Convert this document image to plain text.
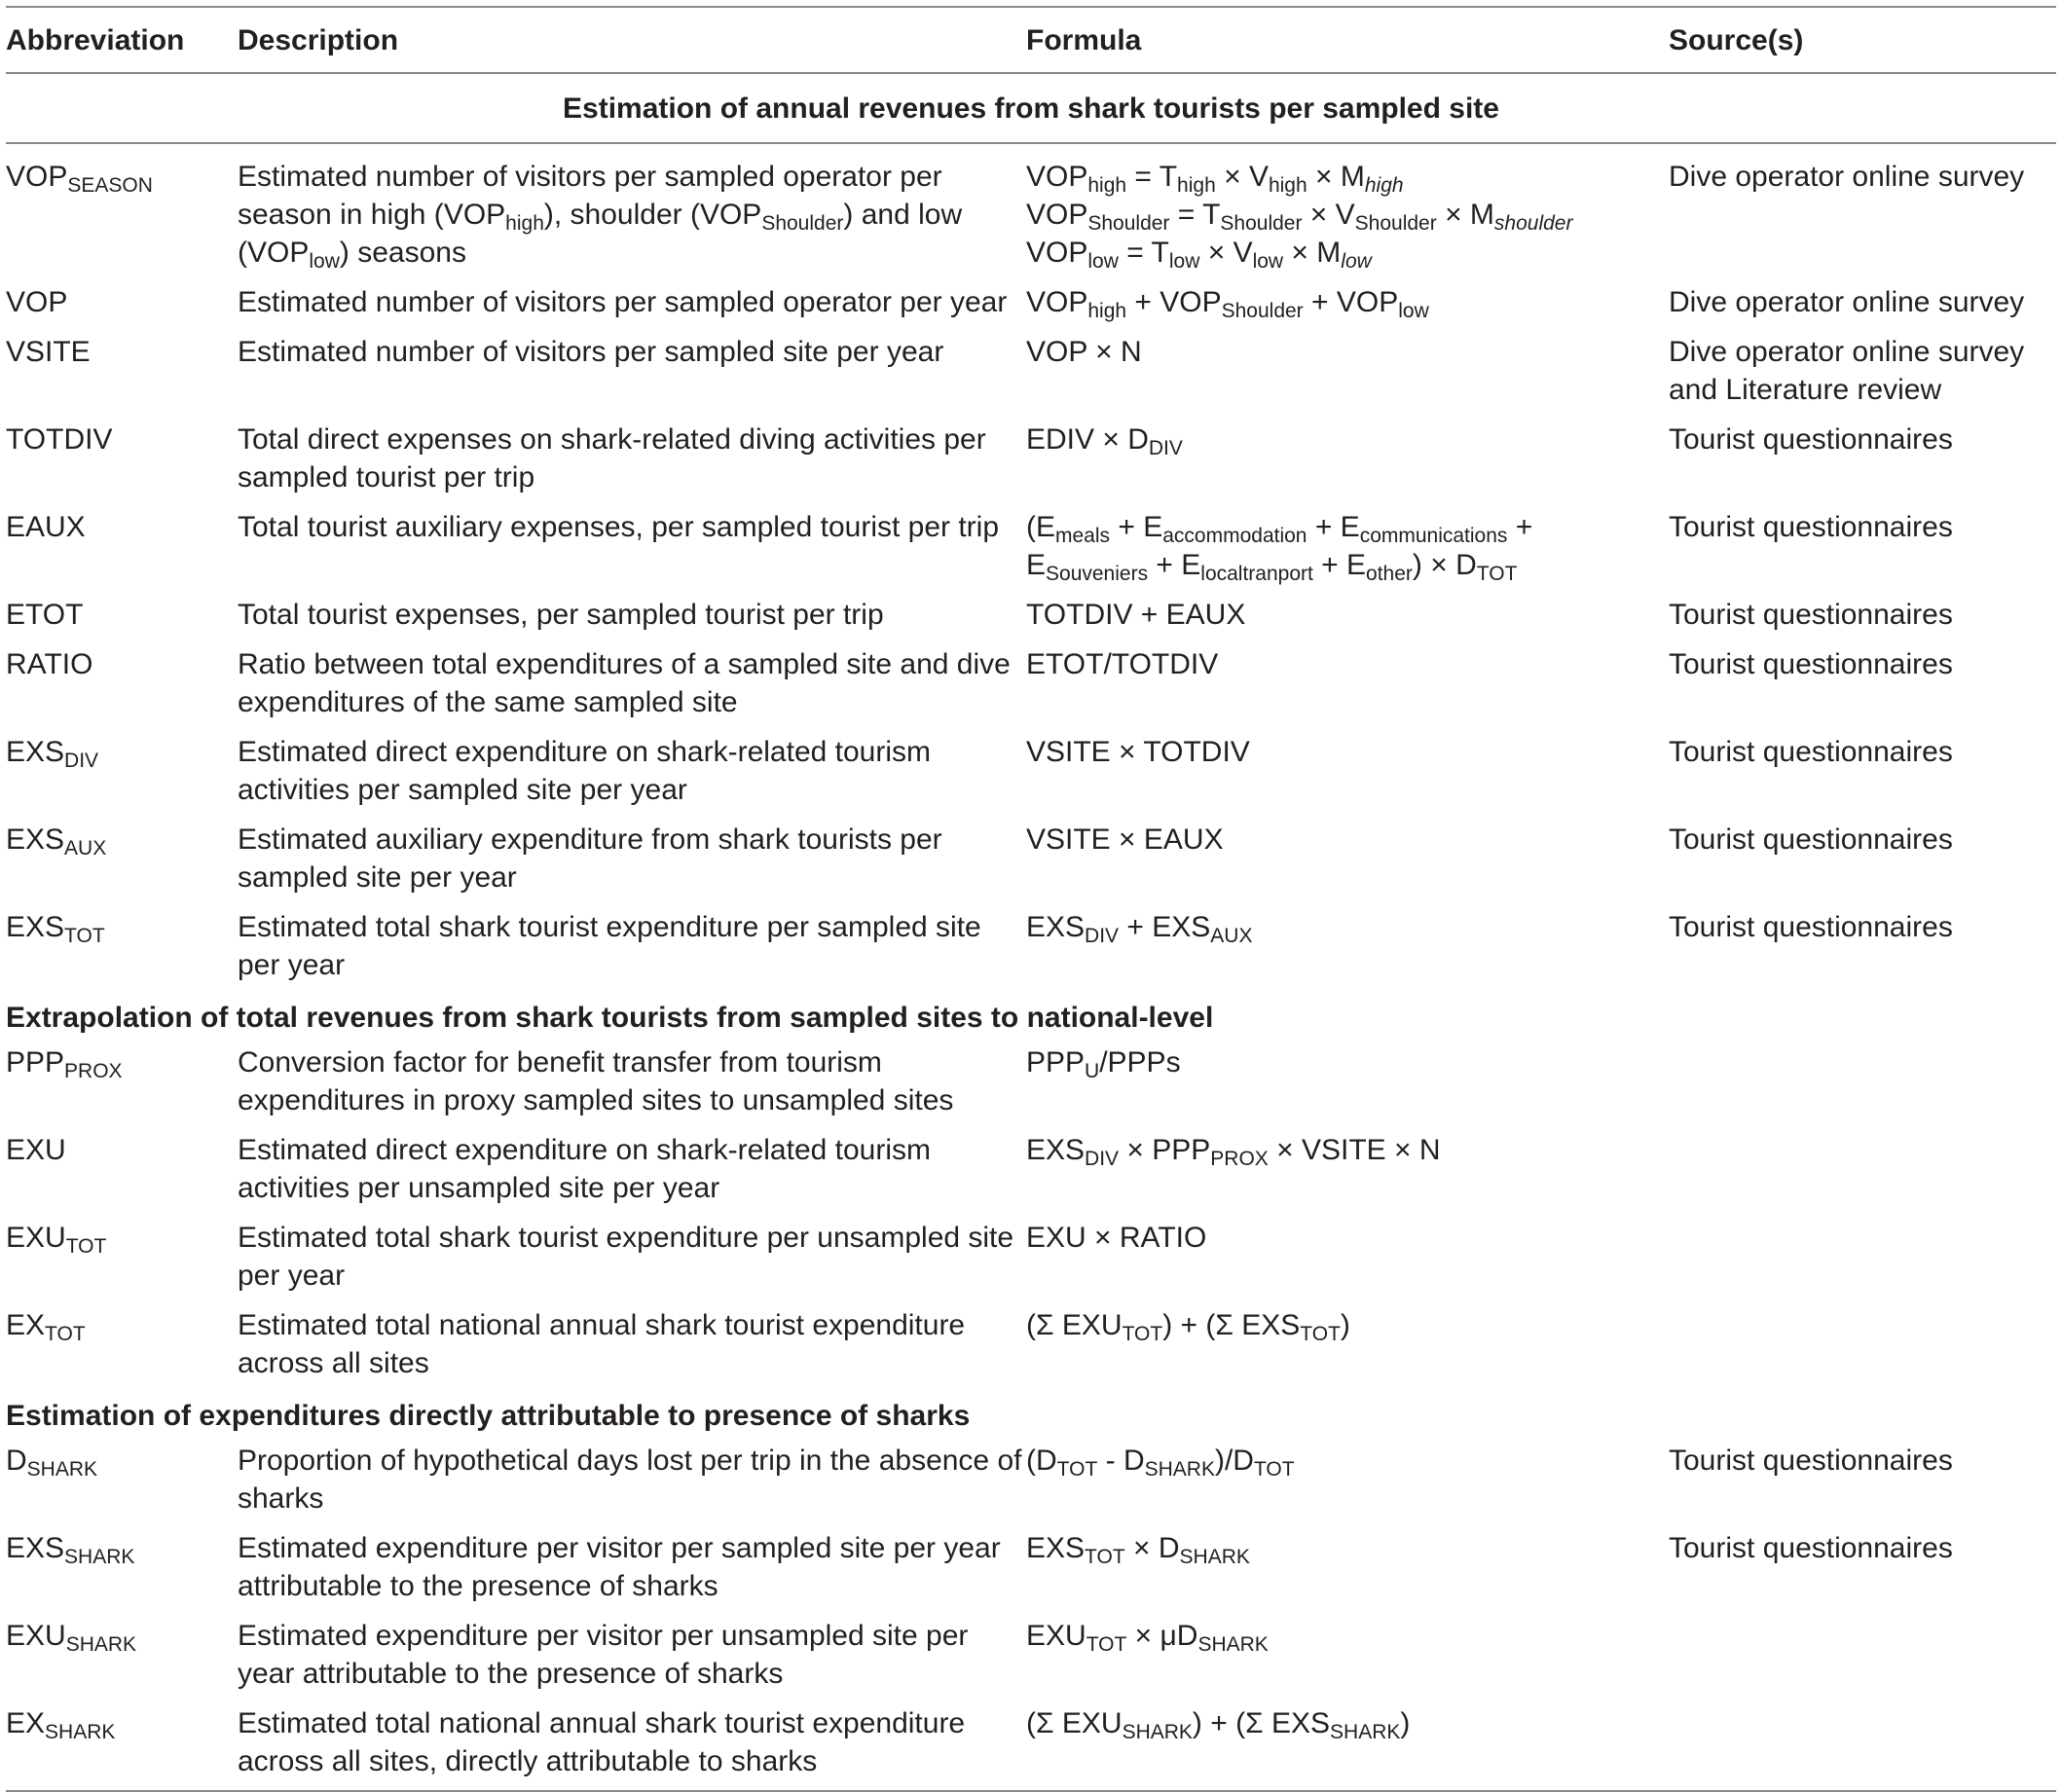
Abbreviation	Description	Formula	Source(s)
Estimation of annual revenues from shark tourists per sampled site			
$VOP_{SEASON}$	Estimated number of visitors per sampled operator per season in high $(VOP_{high})$, shoulder $(VOP_{Shoulder})$ and low $(VOP_{low})$ seasons	$VOP_{high} = T_{high} \times V_{high} \times M_{high}$
$VOP_{Shoulder} = T_{Shoulder} \times V_{Shoulder} \times M_{shoulder}$
$VOP_{low} = T_{low} \times V_{low} \times M_{low}$	Dive operator online survey
VOP	Estimated number of visitors per sampled operator per year	$VOP_{high} + VOP_{Shoulder} + VOP_{low}$	Dive operator online survey
VSITE	Estimated number of visitors per sampled site per year	VOP × N	Dive operator online survey and Literature review
TOTDIV	Total direct expenses on shark-related diving activities per sampled tourist per trip	EDIV × $D_{DIV}$	Tourist questionnaires
EAUX	Total tourist auxiliary expenses, per sampled tourist per trip	($E_{meals} + E_{accommodation} + E_{communications}$ +
$E_{Souveniers} + E_{localtranport} + E_{other}) \times D_{TOT}$	Tourist questionnaires
ETOT	Total tourist expenses, per sampled tourist per trip	TOTDIV + EAUX	Tourist questionnaires
RATIO	Ratio between total expenditures of a sampled site and dive expenditures of the same sampled site	ETOT/TOTDIV	Tourist questionnaires
$EXS_{DIV}$	Estimated direct expenditure on shark-related tourism activities per sampled site per year	VSITE × TOTDIV	Tourist questionnaires
$EXS_{AUX}$	Estimated auxiliary expenditure from shark tourists per sampled site per year	VSITE × EAUX	Tourist questionnaires
$EXS_{TOT}$	Estimated total shark tourist expenditure per sampled site per year	$EXS_{DIV} + EXS_{AUX}$	Tourist questionnaires
Extrapolation of total revenues from shark tourists from sampled sites to national-level			
$PPP_{PROX}$	Conversion factor for benefit transfer from tourism expenditures in proxy sampled sites to unsampled sites	$PPP_U$/PPPs	

EXU	Estimated direct expenditure on shark-related tourism activities per unsampled site per year	$EXS_{DIV} \times PPP_{PROX}$ × VSITE × N	

$EXU_{TOT}$	Estimated total shark tourist expenditure per unsampled site per year	EXU × RATIO	

$EX_{TOT}$	Estimated total national annual shark tourist expenditure across all sites	(Σ $EXU_{TOT}) + (\Sigma$ $EXS_{TOT}$)	

Estimation of expenditures directly attributable to presence of sharks			
$D_{SHARK}$	Proportion of hypothetical days lost per trip in the absence of sharks	$(D_{TOT} - D_{SHARK})/D_{TOT}$	Tourist questionnaires
$EXS_{SHARK}$	Estimated expenditure per visitor per sampled site per year attributable to the presence of sharks	$EXS_{TOT} \times D_{SHARK}$	Tourist questionnaires
$EXU_{SHARK}$	Estimated expenditure per visitor per unsampled site per year attributable to the presence of sharks	$EXU_{TOT} \times \mu D_{SHARK}$

$EX_{SHARK}$	Estimated total national annual shark tourist expenditure across all sites, directly attributable to sharks	(Σ $EXU_{SHARK}) + (\Sigma$ $EXS_{SHARK}$)	
